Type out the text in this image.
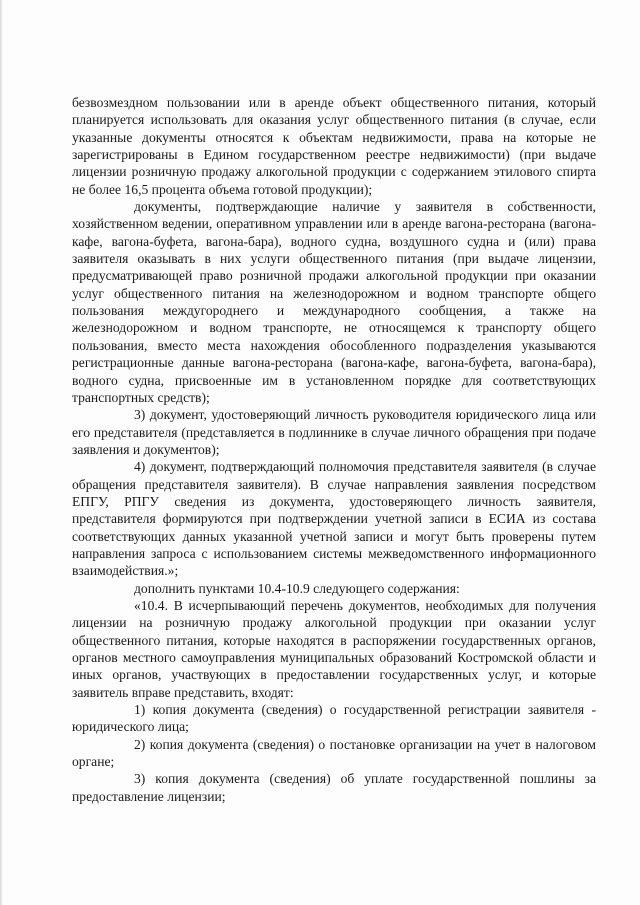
безвозмездном пользовании или в аренде объект общественного питания, который планируется использовать для оказания услуг общественного питания (в случае, если указанные документы относятся к объектам недвижимости, права на которые не зарегистрированы в Едином государственном реестре недвижимости) (при выдаче лицензии розничную продажу алкогольной продукции с содержанием этилового спирта не более 16,5 процента объема готовой продукции);

документы, подтверждающие наличие у заявителя в собственности, хозяйственном ведении, оперативном управлении или в аренде вагона-ресторана (вагона-кафе, вагона-буфета, вагона-бара), водного судна, воздушного судна и (или) права заявителя оказывать в них услуги общественного питания (при выдаче лицензии, предусматривающей право розничной продажи алкогольной продукции при оказании услуг общественного питания на железнодорожном и водном транспорте общего пользования междугороднего и международного сообщения, а также на железнодорожном и водном транспорте, не относящемся к транспорту общего пользования, вместо места нахождения обособленного подразделения указываются регистрационные данные вагона-ресторана (вагона-кафе, вагона-буфета, вагона-бара), водного судна, присвоенные им в установленном порядке для соответствующих транспортных средств);

3) документ, удостоверяющий личность руководителя юридического лица или его представителя (представляется в подлиннике в случае личного обращения при подаче заявления и документов);

4) документ, подтверждающий полномочия представителя заявителя (в случае обращения представителя заявителя). В случае направления заявления посредством ЕПГУ, РПГУ сведения из документа, удостоверяющего личность заявителя, представителя формируются при подтверждении учетной записи в ЕСИА из состава соответствующих данных указанной учетной записи и могут быть проверены путем направления запроса с использованием системы межведомственного информационного взаимодействия.»;

дополнить пунктами 10.4-10.9 следующего содержания:

«10.4. В исчерпывающий перечень документов, необходимых для получения лицензии на розничную продажу алкогольной продукции при оказании услуг общественного питания, которые находятся в распоряжении государственных органов, органов местного самоуправления муниципальных образований Костромской области и иных органов, участвующих в предоставлении государственных услуг, и которые заявитель вправе представить, входят:

1) копия документа (сведения) о государственной регистрации заявителя - юридического лица;

2) копия документа (сведения) о постановке организации на учет в налоговом органе;

3) копия документа (сведения) об уплате государственной пошлины за предоставление лицензии;
